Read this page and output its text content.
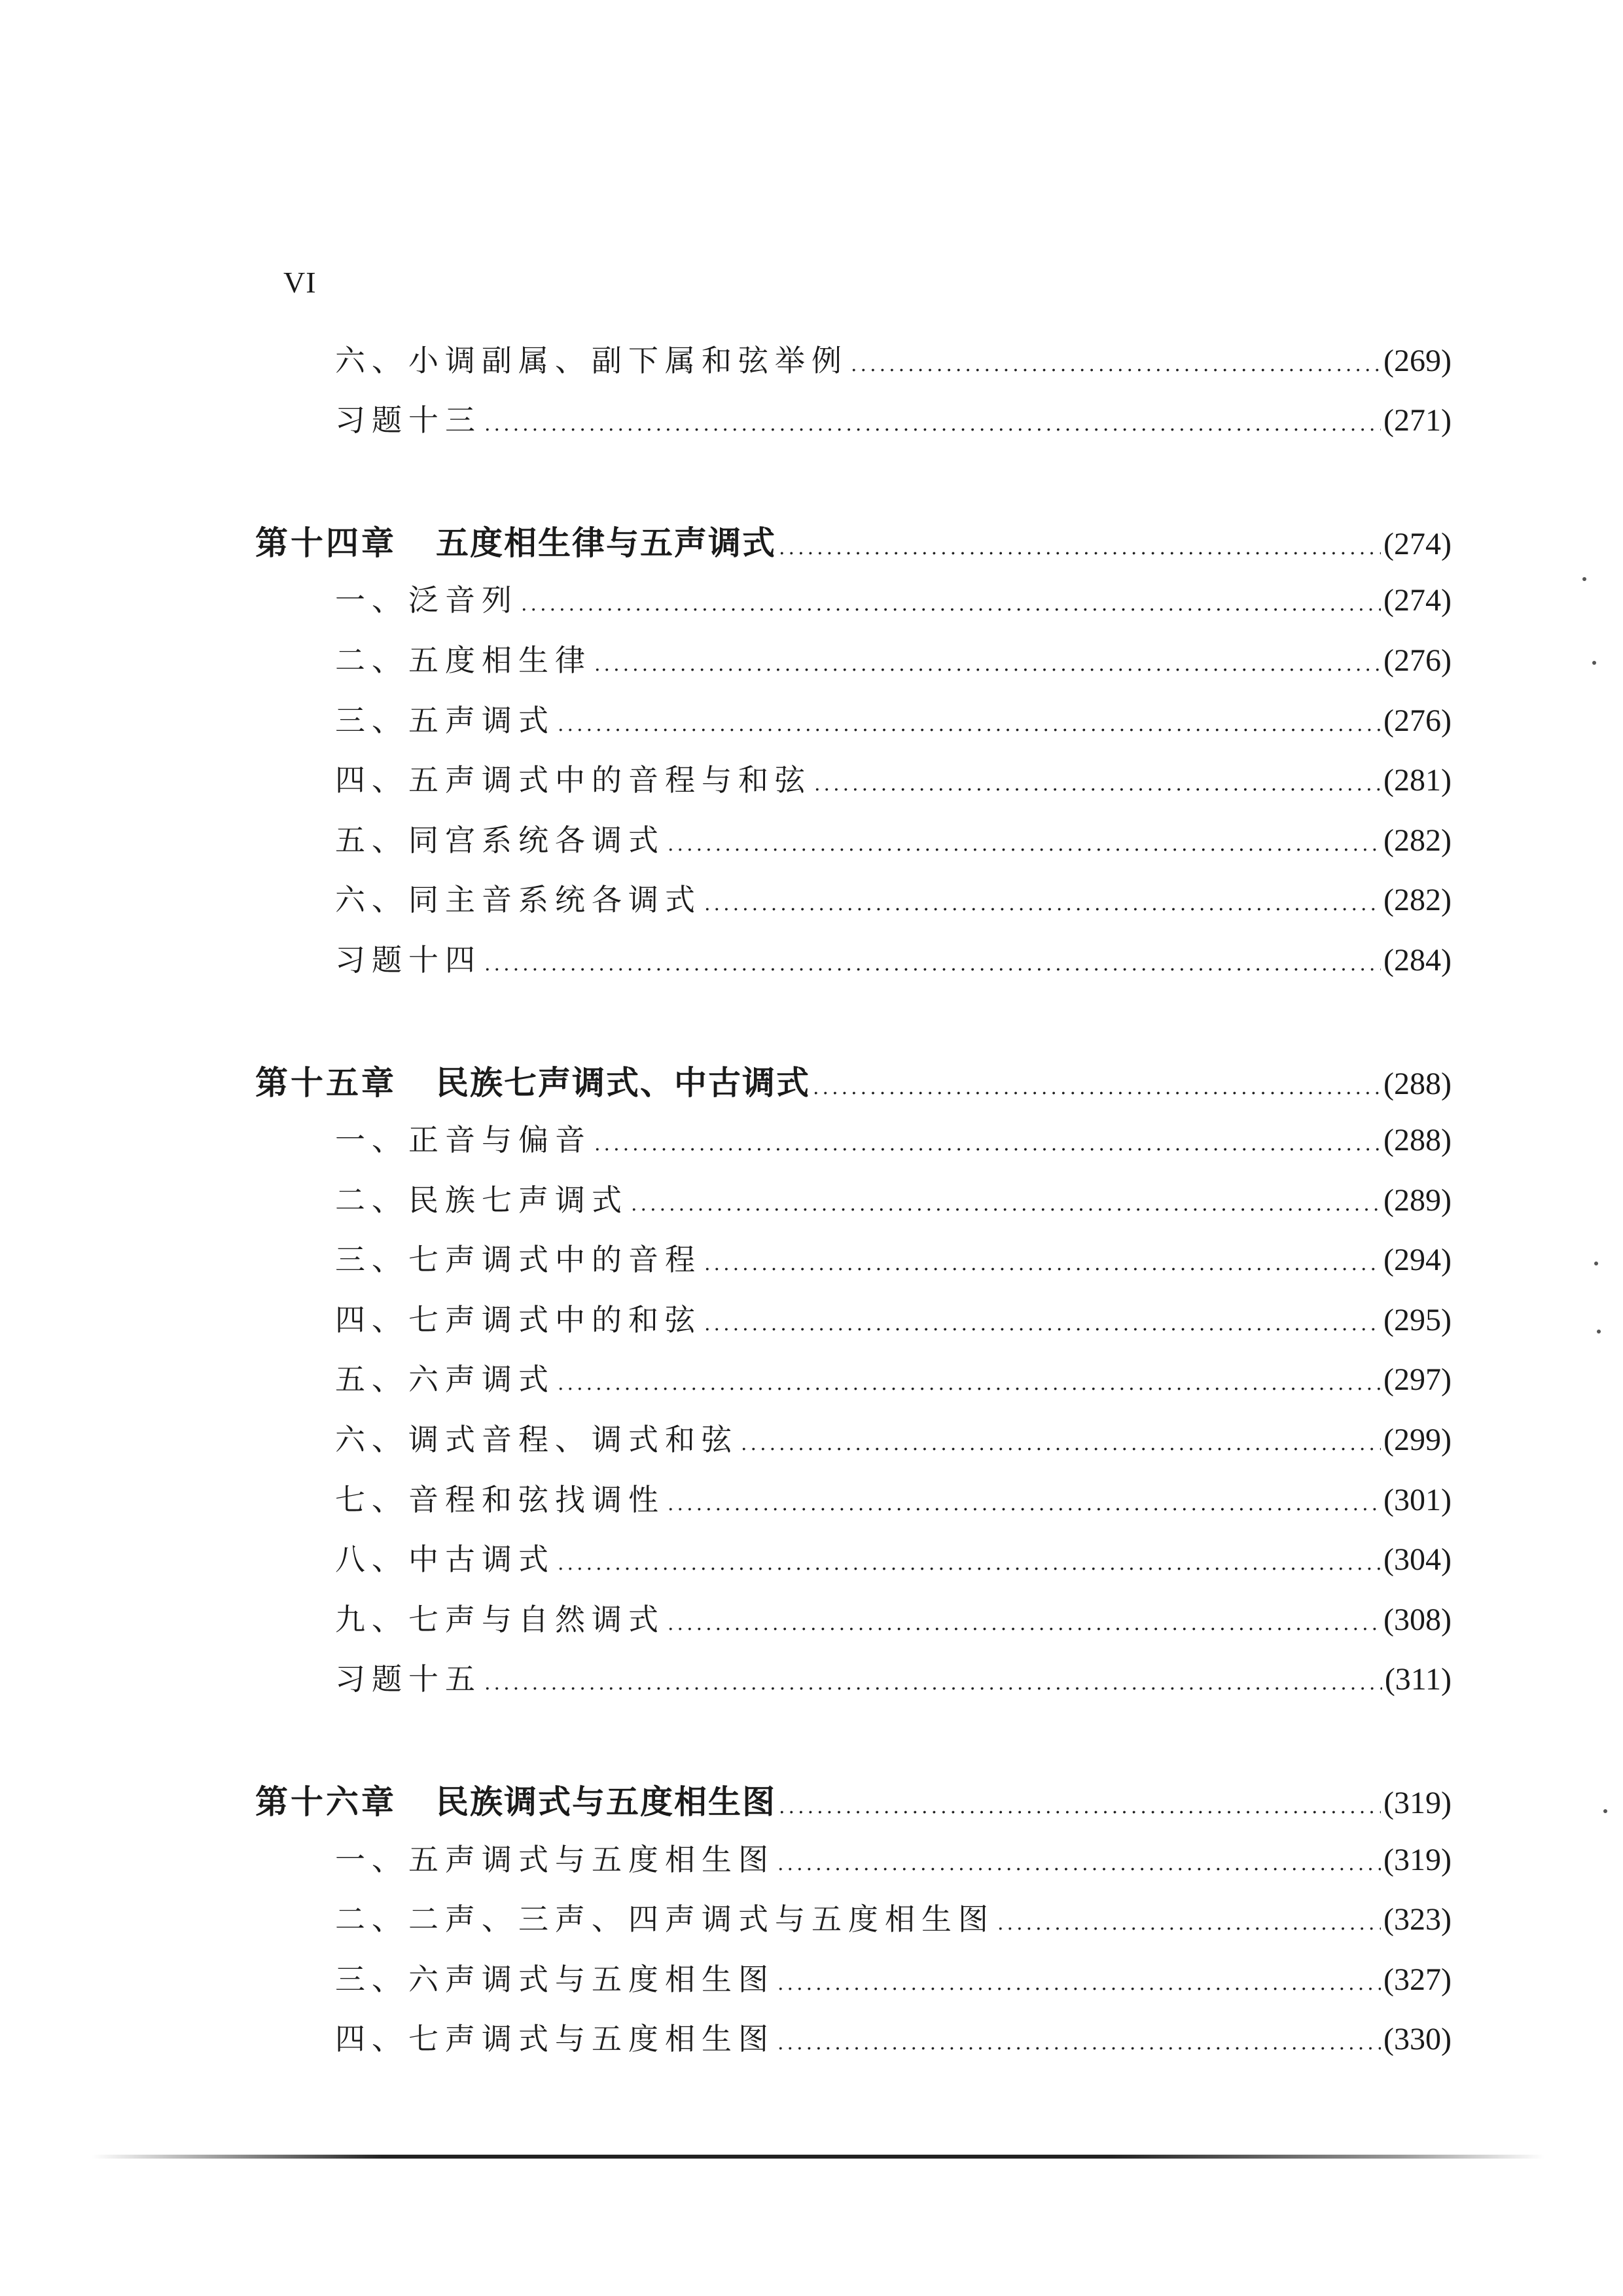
VI
六、小调副属、副下属和弦举例 .....	(269)
习题十三 .....	(271)
第十四章 五度相生律与五声调式 .....	(274)
一、泛音列 .....	(274)
二、五度相生律 .....	(276)
三、五声调式 .....	(276)
四、五声调式中的音程与和弦 .....	(281)
五、同宫系统各调式 .....	(282)
六、同主音系统各调式 .....	(282)
习题十四 .....	(284)
第十五章 民族七声调式、中古调式 .....	(288)
一、正音与偏音 .....	(288)
二、民族七声调式 .....	(289)
三、七声调式中的音程 .....	(294)
四、七声调式中的和弦 .....	(295)
五、六声调式 .....	(297)
六、调式音程、调式和弦 .....	(299)
七、音程和弦找调性 .....	(301)
八、中古调式 .....	(304)
九、七声与自然调式 .....	(308)
习题十五 .....	(311)
第十六章 民族调式与五度相生图 .....	(319)
一、五声调式与五度相生图 .....	(319)
二、二声、三声、四声调式与五度相生图 .....	(323)
三、六声调式与五度相生图 .....	(327)
四、七声调式与五度相生图 .....	(330)
